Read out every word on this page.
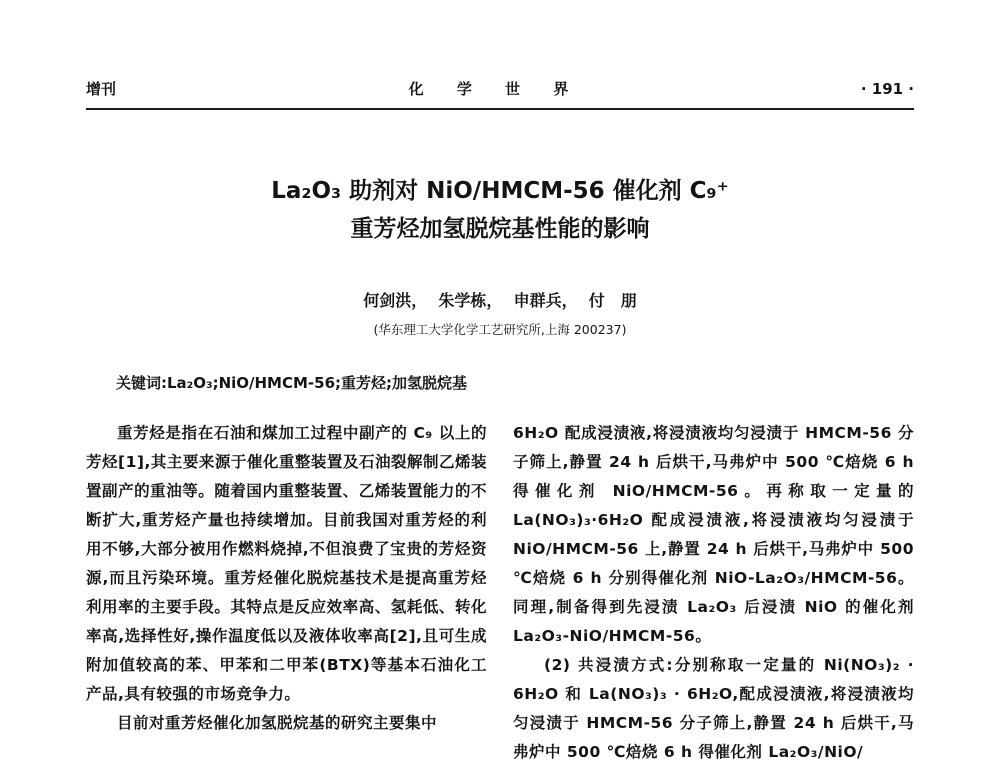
增刊	化 学 世 界	· 191 ·
La₂O₃ 助剂对 NiO/HMCM-56 催化剂 C₉⁺
重芳烃加氢脱烷基性能的影响
何剑洪，  朱学栋，  申群兵，  付　朋
(华东理工大学化学工艺研究所,上海 200237)
关键词:La₂O₃;NiO/HMCM-56;重芳烃;加氢脱烷基

重芳烃是指在石油和煤加工过程中副产的 C₉ 以上的芳烃[1],其主要来源于催化重整装置及石油裂解制乙烯装置副产的重油等。随着国内重整装置、乙烯装置能力的不断扩大,重芳烃产量也持续增加。目前我国对重芳烃的利用不够,大部分被用作燃料烧掉,不但浪费了宝贵的芳烃资源,而且污染环境。重芳烃催化脱烷基技术是提高重芳烃利用率的主要手段。其特点是反应效率高、氢耗低、转化率高,选择性好,操作温度低以及液体收率高[2],且可生成附加值较高的苯、甲苯和二甲苯(BTX)等基本石油化工产品,具有较强的市场竞争力。

目前对重芳烃催化加氢脱烷基的研究主要集中

6H₂O 配成浸渍液,将浸渍液均匀浸渍于 HMCM-56 分子筛上,静置 24 h 后烘干,马弗炉中 500 ℃焙烧 6 h 得催化剂 NiO/HMCM-56。再称取一定量的 La(NO₃)₃·6H₂O 配成浸渍液,将浸渍液均匀浸渍于 NiO/HMCM-56 上,静置 24 h 后烘干,马弗炉中 500 ℃焙烧 6 h 分别得催化剂 NiO-La₂O₃/HMCM-56。同理,制备得到先浸渍 La₂O₃ 后浸渍 NiO 的催化剂 La₂O₃-NiO/HMCM-56。

(2) 共浸渍方式:分别称取一定量的 Ni(NO₃)₂ · 6H₂O 和 La(NO₃)₃ · 6H₂O,配成浸渍液,将浸渍液均匀浸渍于 HMCM-56 分子筛上,静置 24 h 后烘干,马弗炉中 500 ℃焙烧 6 h 得催化剂 La₂O₃/NiO/
